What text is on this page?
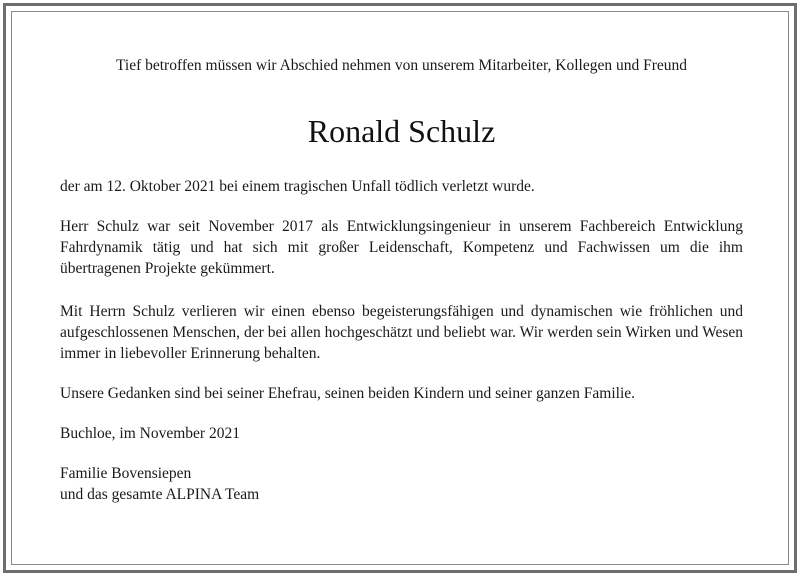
Tief betroffen müssen wir Abschied nehmen von unserem Mitarbeiter, Kollegen und Freund

Ronald Schulz

der am 12. Oktober 2021 bei einem tragischen Unfall tödlich verletzt wurde.

Herr Schulz war seit November 2017 als Entwicklungsingenieur in unserem Fachbereich Entwicklung Fahrdynamik tätig und hat sich mit großer Leidenschaft, Kompetenz und Fachwissen um die ihm übertragenen Projekte gekümmert.

Mit Herrn Schulz verlieren wir einen ebenso begeisterungsfähigen und dynamischen wie fröhlichen und aufgeschlossenen Menschen, der bei allen hochgeschätzt und beliebt war. Wir werden sein Wirken und Wesen immer in liebevoller Erinnerung behalten.

Unsere Gedanken sind bei seiner Ehefrau, seinen beiden Kindern und seiner ganzen Familie.

Buchloe, im November 2021

Familie Bovensiepen
und das gesamte ALPINA Team
